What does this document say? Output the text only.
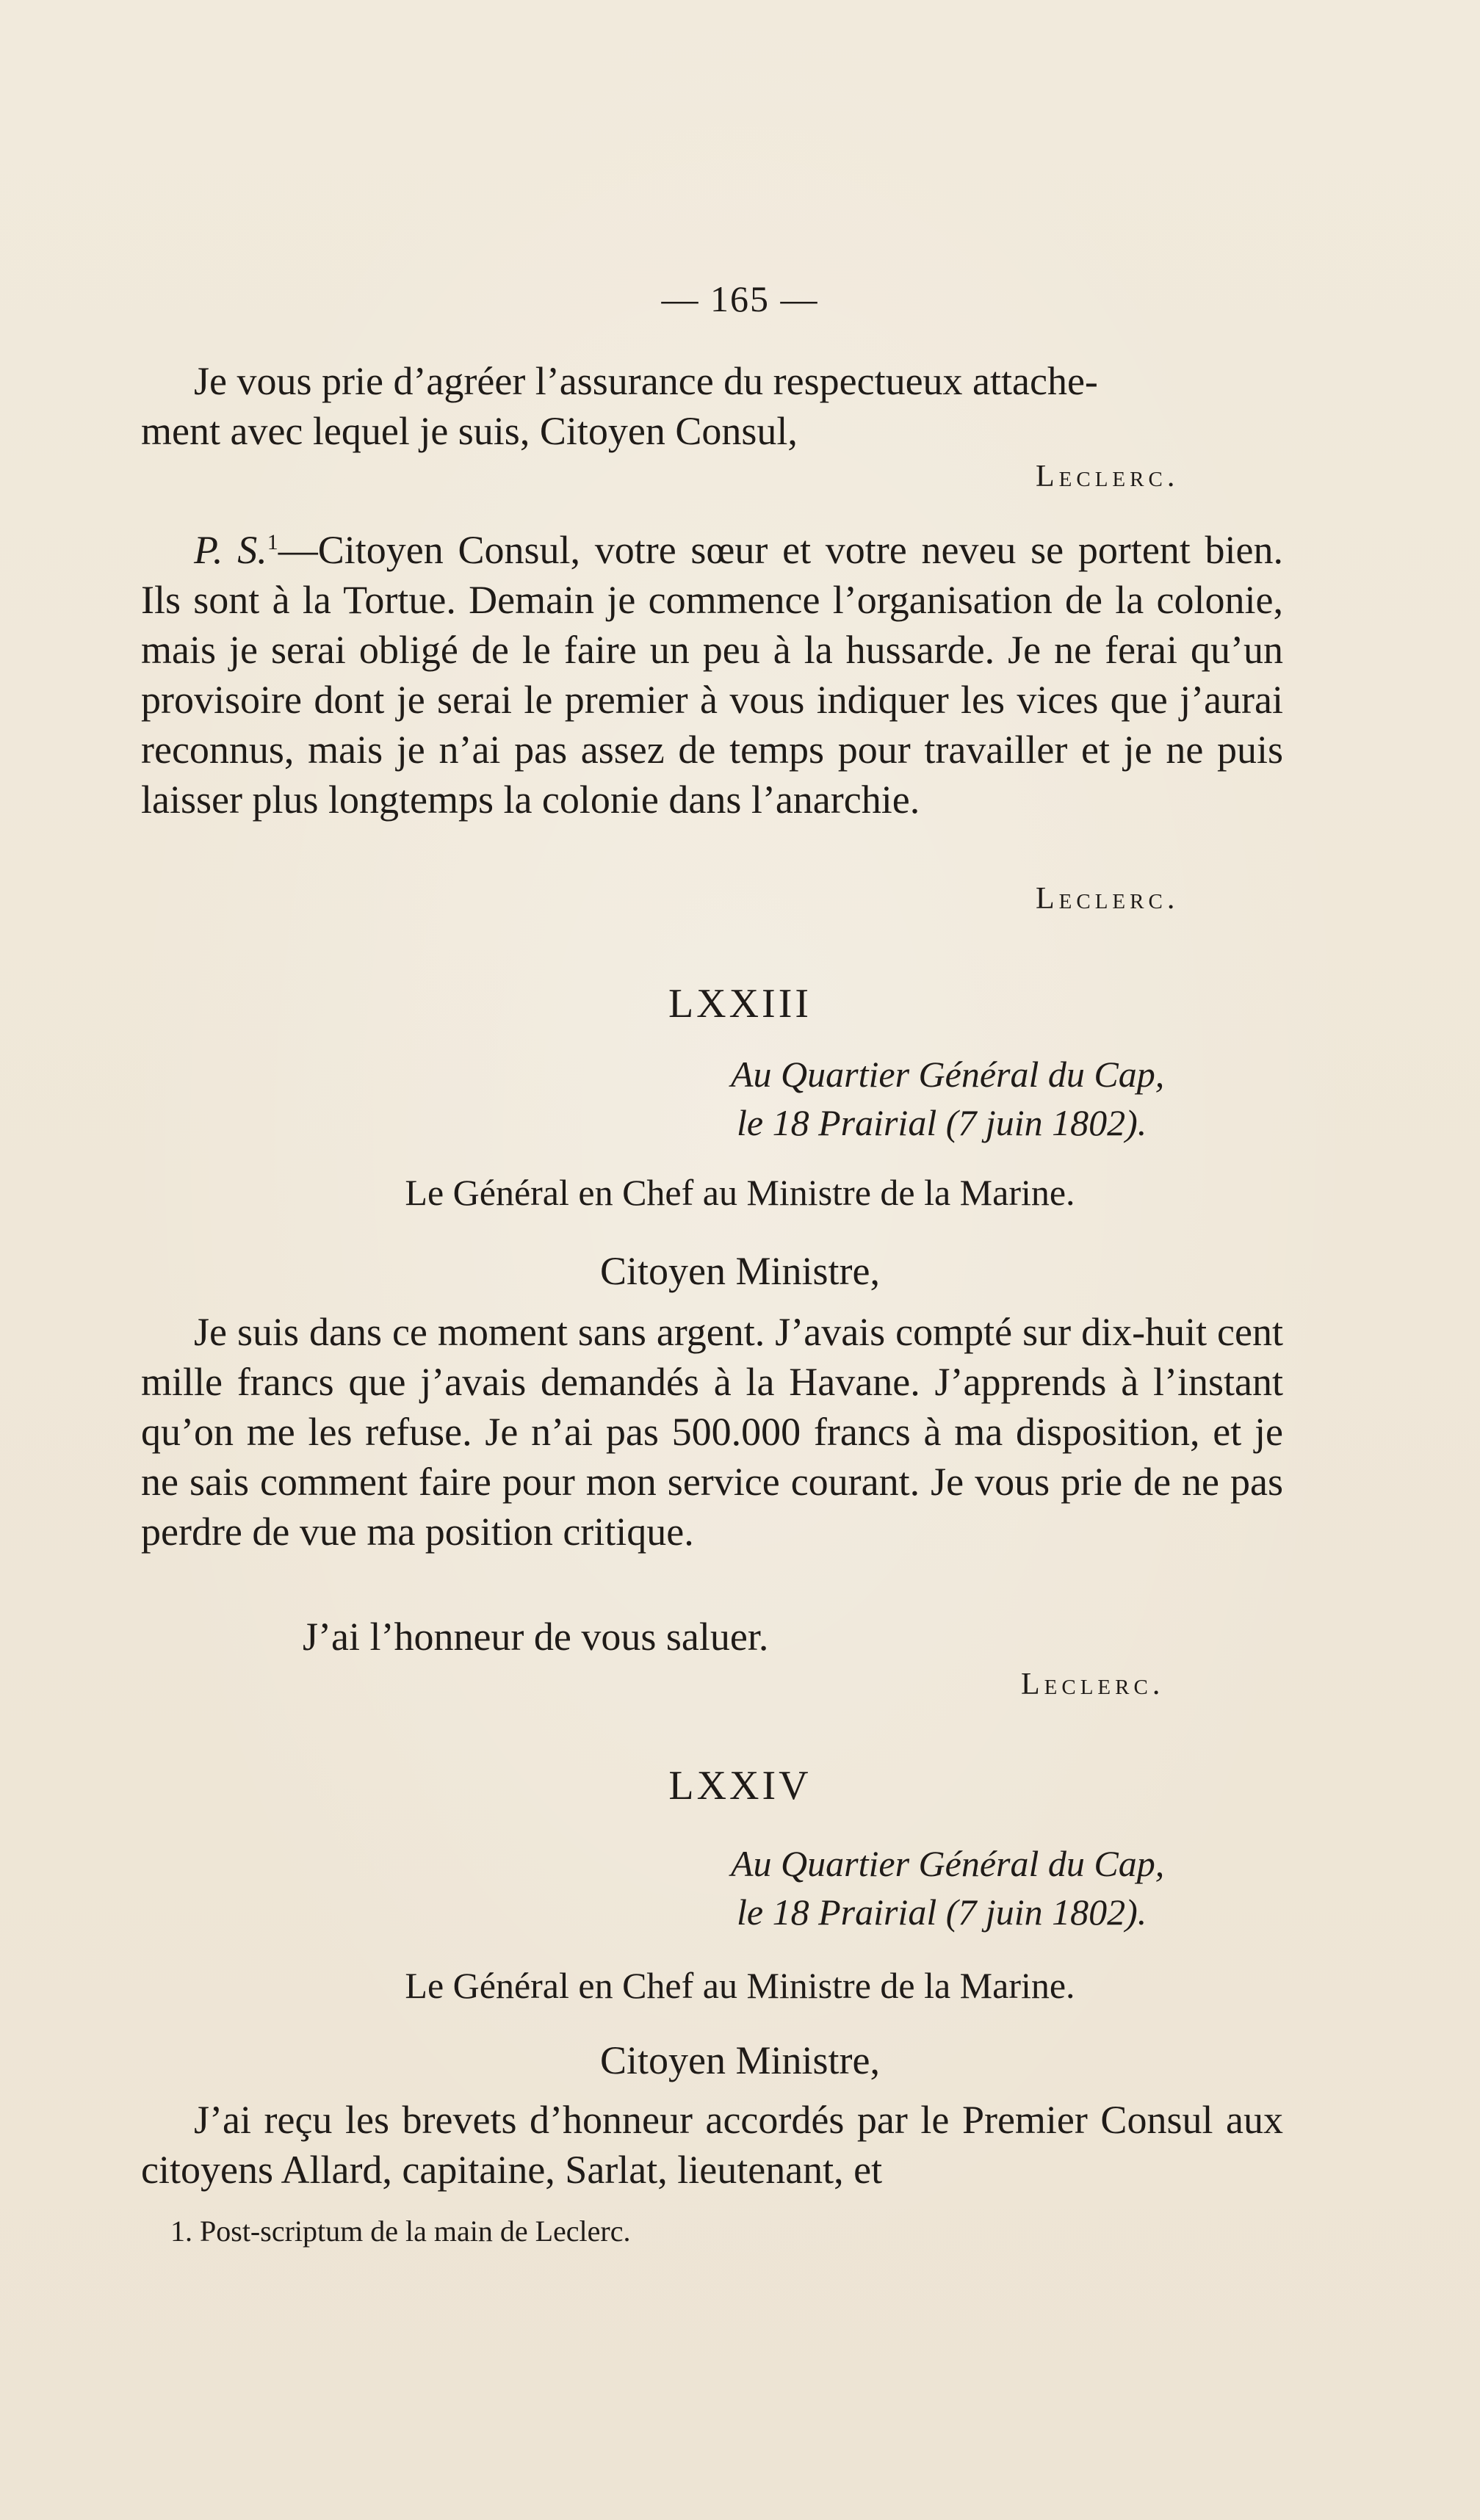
— 165 —
Je vous prie d’agréer l’assurance du respectueux attache-
ment avec lequel je suis, Citoyen Consul,
Leclerc.
P. S.$^1$—Citoyen Consul, votre sœur et votre neveu se portent bien. Ils sont à la Tortue. Demain je commence l’organisation de la colonie, mais je serai obligé de le faire un peu à la hussarde. Je ne ferai qu’un provisoire dont je serai le premier à vous indiquer les vices que j’aurai reconnus, mais je n’ai pas assez de temps pour travailler et je ne puis laisser plus longtemps la colonie dans l’anarchie.
Leclerc.
LXXIII
Au Quartier Général du Cap,
le 18 Prairial (7 juin 1802).
Le Général en Chef au Ministre de la Marine.
Citoyen Ministre,
Je suis dans ce moment sans argent. J’avais compté sur dix-huit cent mille francs que j’avais demandés à la Havane. J’apprends à l’instant qu’on me les refuse. Je n’ai pas 500.000 francs à ma disposition, et je ne sais comment faire pour mon service courant. Je vous prie de ne pas perdre de vue ma position critique.
J’ai l’honneur de vous saluer.
Leclerc.
LXXIV
Au Quartier Général du Cap,
le 18 Prairial (7 juin 1802).
Le Général en Chef au Ministre de la Marine.
Citoyen Ministre,
J’ai reçu les brevets d’honneur accordés par le Premier Consul aux citoyens Allard, capitaine, Sarlat, lieutenant, et
1. Post-scriptum de la main de Leclerc.
